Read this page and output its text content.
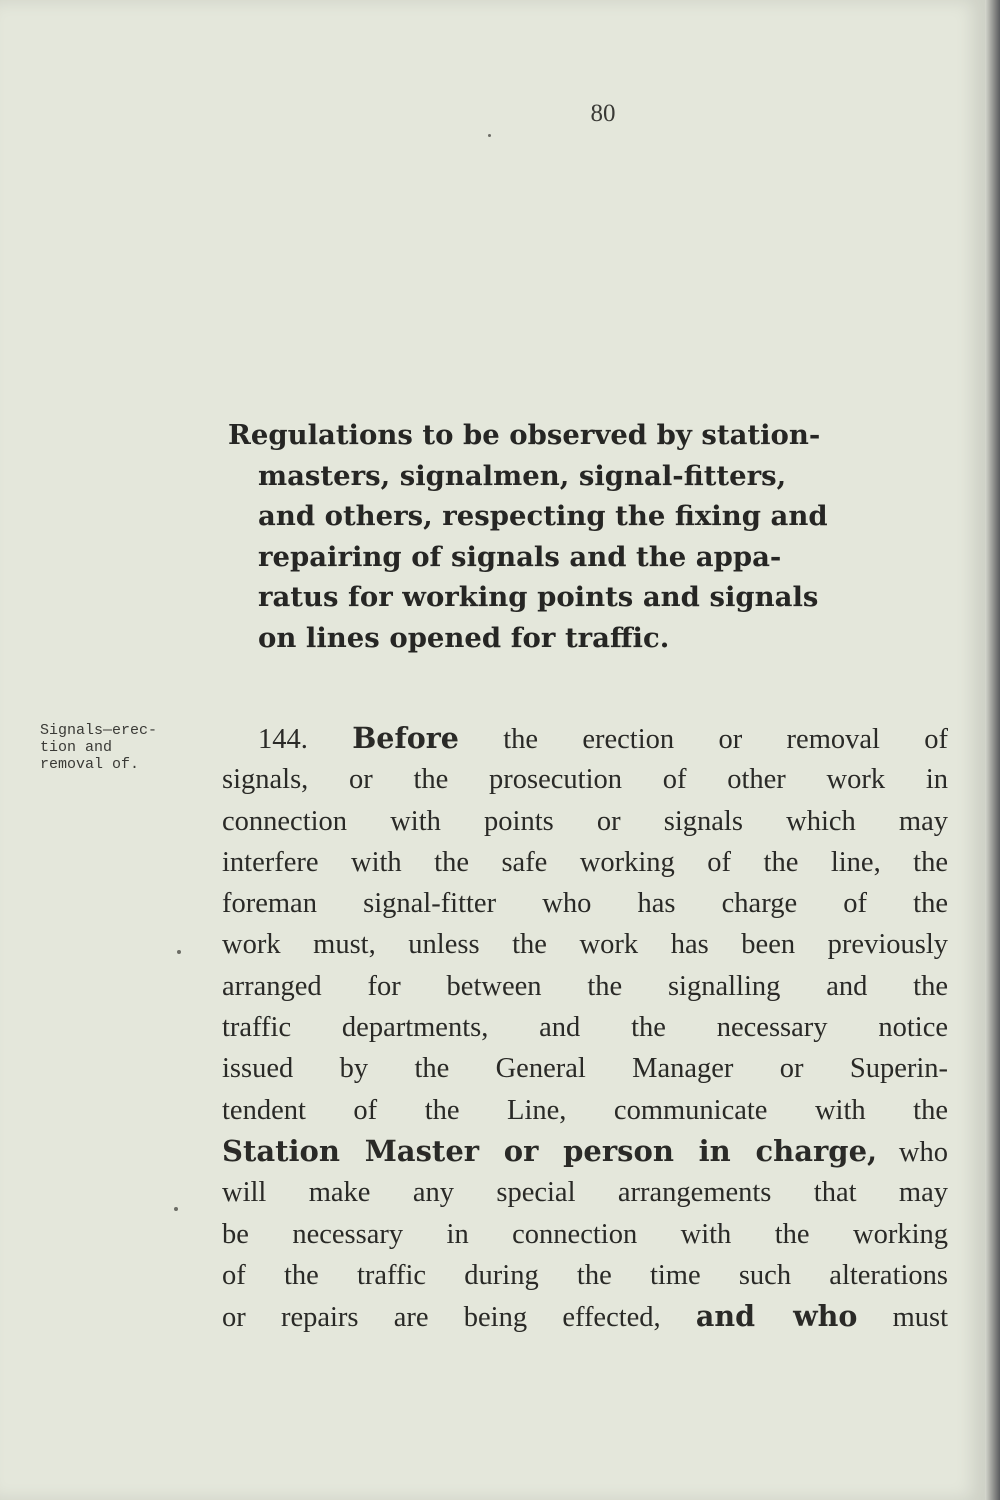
80
Regulations to be observed by station-
masters, signalmen, signal-fitters,
and others, respecting the fixing and
repairing of signals and the appa-
ratus for working points and signals
on lines opened for traffic.
Signals—erec-
tion and
removal of.
144. Before the erection or removal of
signals, or the prosecution of other work in
connection with points or signals which may
interfere with the safe working of the line, the
foreman signal-fitter who has charge of the
work must, unless the work has been previously
arranged for between the signalling and the
traffic departments, and the necessary notice
issued by the General Manager or Superin-
tendent of the Line, communicate with the
Station Master or person in charge, who
will make any special arrangements that may
be necessary in connection with the working
of the traffic during the time such alterations
or repairs are being effected, and who must
